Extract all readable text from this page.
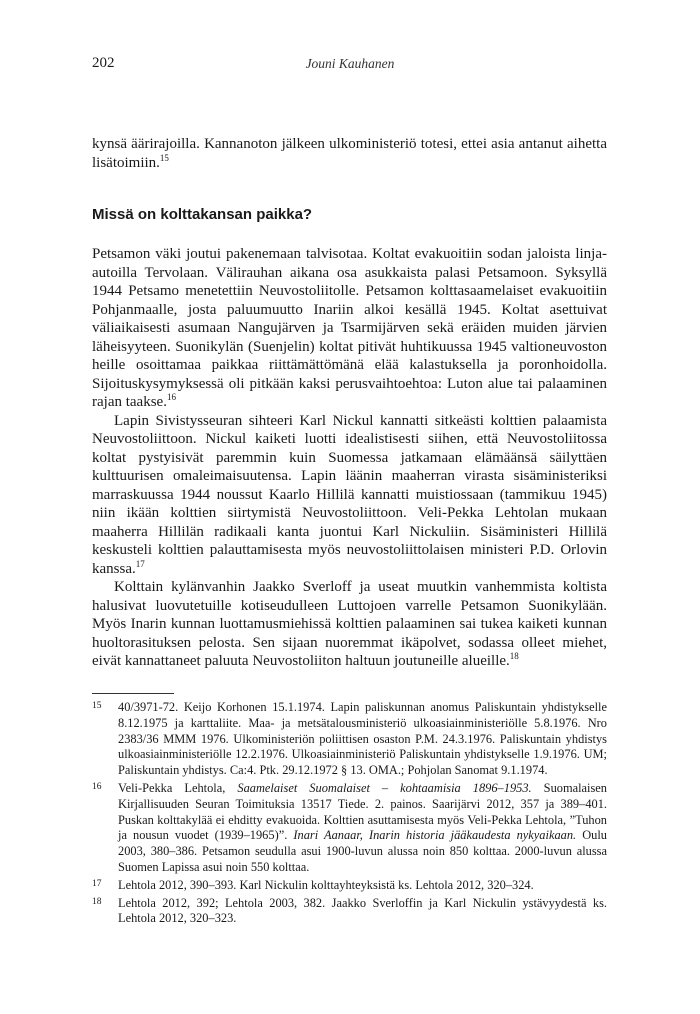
202	Jouni Kauhanen

kynsä äärirajoilla. Kannanoton jälkeen ulkoministeriö totesi, ettei asia antanut aihetta lisätoimiin.$^{15}$

Missä on kolttakansan paikka?

Petsamon väki joutui pakenemaan talvisotaa. Koltat evakuoitiin sodan jaloista linja-autoilla Tervolaan. Välirauhan aikana osa asukkaista palasi Petsamoon. Syksyllä 1944 Petsamo menetettiin Neuvostoliitolle. Petsamon kolttasaamelaiset evakuoitiin Pohjanmaalle, josta paluumuutto Inariin alkoi kesällä 1945. Koltat asettuivat väliaikaisesti asumaan Nangujärven ja Tsarmijärven sekä eräiden muiden järvien läheisyyteen. Suonikylän (Suenjelin) koltat pitivät huhtikuussa 1945 valtioneuvoston heille osoittamaa paikkaa riittämättömänä elää kalastuksella ja poronhoidolla. Sijoituskysymyksessä oli pitkään kaksi perusvaihtoehtoa: Luton alue tai palaaminen rajan taakse.$^{16}$

Lapin Sivistysseuran sihteeri Karl Nickul kannatti sitkeästi kolttien palaamista Neuvostoliittoon. Nickul kaiketi luotti idealistisesti siihen, että Neuvostoliitossa koltat pystyisivät paremmin kuin Suomessa jatkamaan elämäänsä säilyttäen kulttuurisen omaleimaisuutensa. Lapin läänin maaherran virasta sisäministeriksi marraskuussa 1944 noussut Kaarlo Hillilä kannatti muistiossaan (tammikuu 1945) niin ikään kolttien siirtymistä Neuvostoliittoon. Veli-Pekka Lehtolan mukaan maaherra Hillilän radikaali kanta juontui Karl Nickuliin. Sisäministeri Hillilä keskusteli kolttien palauttamisesta myös neuvostoliittolaisen ministeri P.D. Orlovin kanssa.$^{17}$

Kolttain kylänvanhin Jaakko Sverloff ja useat muutkin vanhemmista koltista halusivat luovutetuille kotiseudulleen Luttojoen varrelle Petsamon Suonikylään. Myös Inarin kunnan luottamusmiehissä kolttien palaaminen sai tukea kaiketi kunnan huoltorasituksen pelosta. Sen sijaan nuoremmat ikäpolvet, sodassa olleet miehet, eivät kannattaneet paluuta Neuvostoliiton haltuun joutuneille alueille.$^{18}$

15	40/3971-72. Keijo Korhonen 15.1.1974. Lapin paliskunnan anomus Paliskuntain yhdistykselle 8.12.1975 ja karttaliite. Maa- ja metsätalousministeriö ulkoasiainministeriölle 5.8.1976. Nro 2383/36 MMM 1976. Ulkoministeriön poliittisen osaston P.M. 24.3.1976. Paliskuntain yhdistys ulkoasiainministeriölle 12.2.1976. Ulkoasiainministeriö Paliskuntain yhdistykselle 1.9.1976. UM; Paliskuntain yhdistys. Ca:4. Ptk. 29.12.1972 § 13. OMA.; Pohjolan Sanomat 9.1.1974.
16	Veli-Pekka Lehtola, Saamelaiset Suomalaiset – kohtaamisia 1896–1953. Suomalaisen Kirjallisuuden Seuran Toimituksia 13517 Tiede. 2. painos. Saarijärvi 2012, 357 ja 389–401. Puskan kolttakylää ei ehditty evakuoida. Kolttien asuttamisesta myös Veli-Pekka Lehtola, ”Tuhon ja nousun vuodet (1939–1965)”. Inari Aanaar, Inarin historia jääkaudesta nykyaikaan. Oulu 2003, 380–386. Petsamon seudulla asui 1900-luvun alussa noin 850 kolttaa. 2000-luvun alussa Suomen Lapissa asui noin 550 kolttaa.
17	Lehtola 2012, 390–393. Karl Nickulin kolttayhteyksistä ks. Lehtola 2012, 320–324.
18	Lehtola 2012, 392; Lehtola 2003, 382. Jaakko Sverloffin ja Karl Nickulin ystävyydestä ks. Lehtola 2012, 320–323.
